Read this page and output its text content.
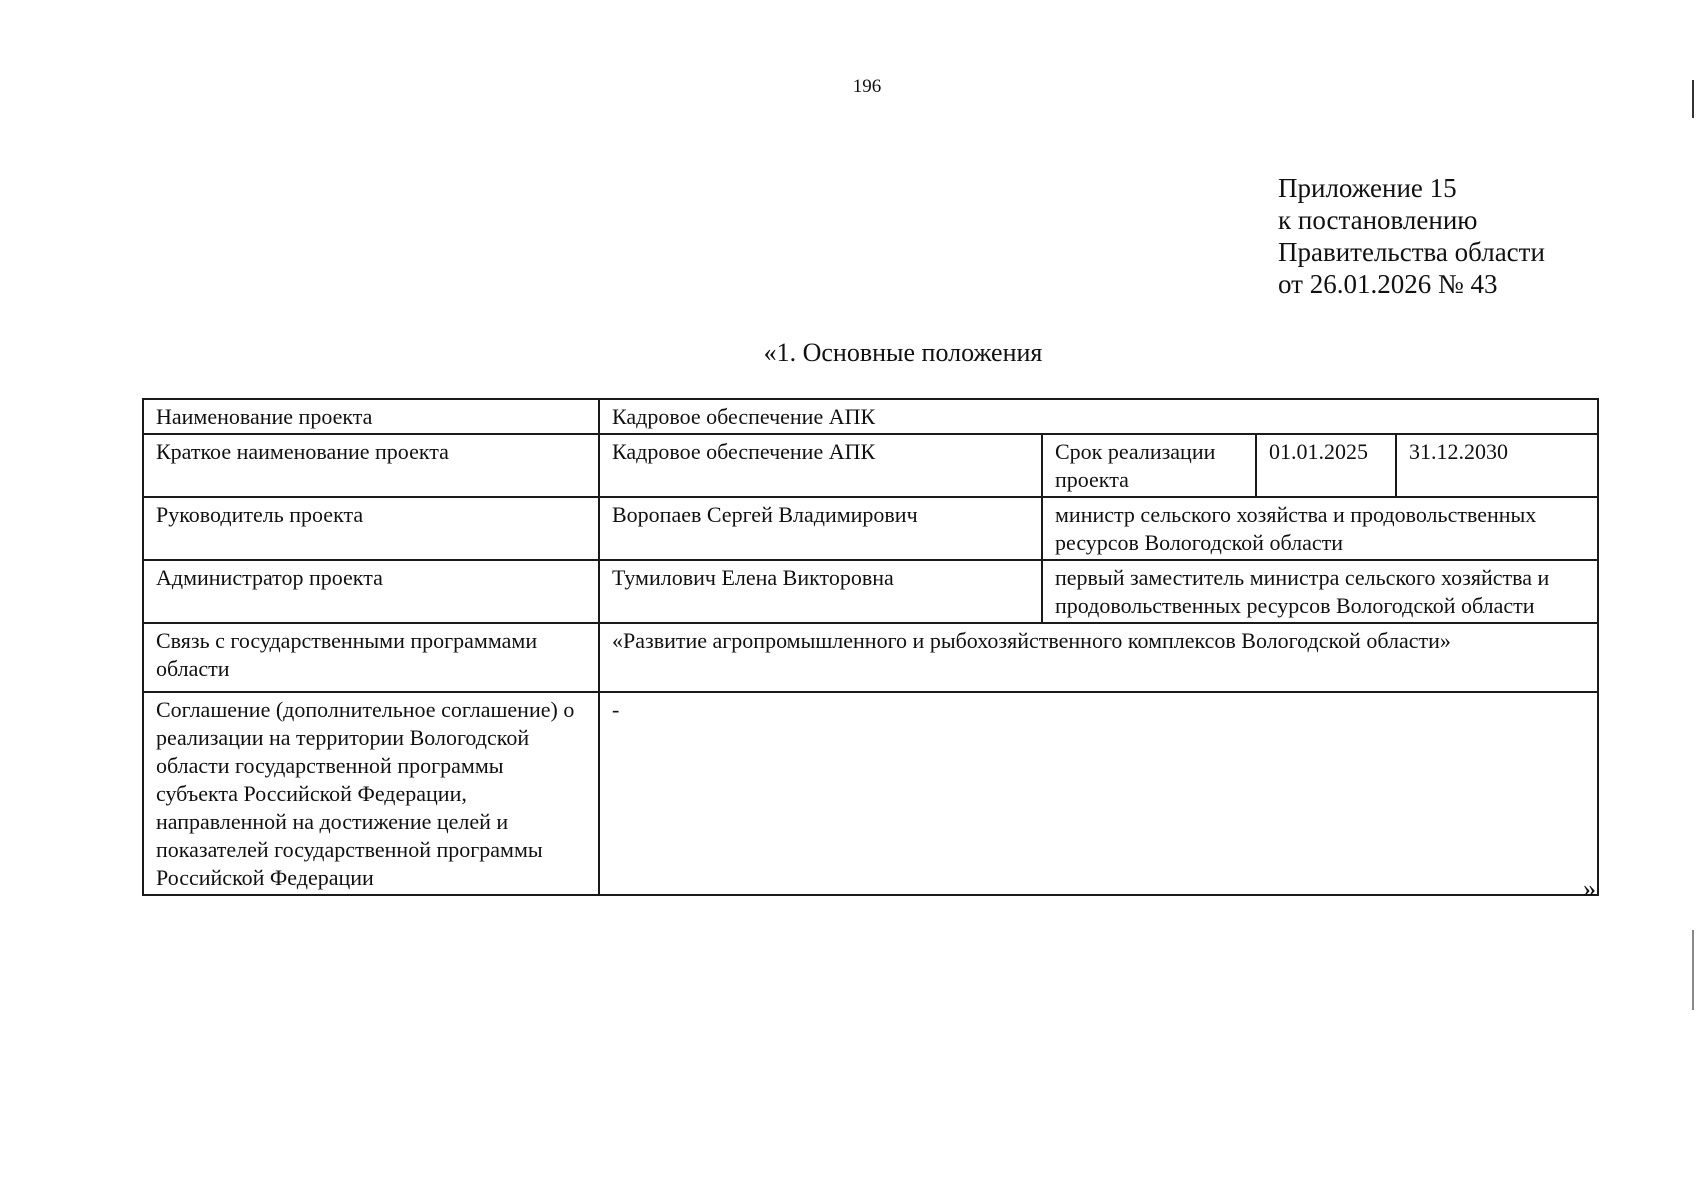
196
Приложение 15
к постановлению
Правительства области
от 26.01.2026 № 43
«1. Основные положения
Наименование проекта	Кадровое обеспечение АПК			
Краткое наименование проекта	Кадровое обеспечение АПК	Срок реализации проекта	01.01.2025	31.12.2030
Руководитель проекта	Воропаев Сергей Владимирович	министр сельского хозяйства и продовольственных ресурсов Вологодской области		
Администратор проекта	Тумилович Елена Викторовна	первый заместитель министра сельского хозяйства и продовольственных ресурсов Вологодской области		
Связь с государственными программами области	«Развитие агропромышленного и рыбохозяйственного комплексов Вологодской области»			
Соглашение (дополнительное соглашение) о реализации на территории Вологодской области государственной программы субъекта Российской Федерации, направленной на достижение целей и показателей государственной программы Российской Федерации	-			
»
